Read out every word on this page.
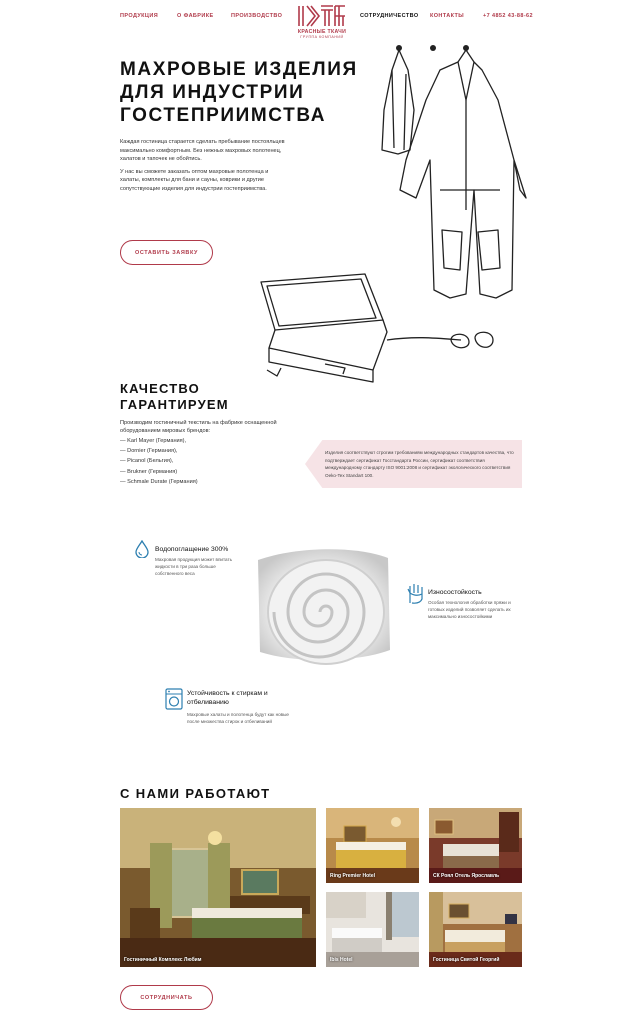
ПРОДУКЦИЯ	О ФАБРИКЕ	ПРОИЗВОДСТВО
КРАСНЫЕ ТКАЧИ
ГРУППА КОМПАНИЙ
СОТРУДНИЧЕСТВО КОНТАКТЫ	+7 4852 43-88-62
МАХРОВЫЕ ИЗДЕЛИЯ ДЛЯ ИНДУСТРИИ ГОСТЕПРИИМСТВА

Каждая гостиница старается сделать пребывание постояльцев максимально комфортным. Без нежных махровых полотенец, халатов и тапочек не обойтись.

У нас вы сможете заказать оптом махровые полотенца и халаты, комплекты для бани и сауны, коврики и другие сопутствующие изделия для индустрии гостеприимства.

ОСТАВИТЬ ЗАЯВКУ
КАЧЕСТВО ГАРАНТИРУЕМ

Производим гостиничный текстиль на фабрике оснащенной оборудованием мировых брендов:

— Karl Mayer (Германия),
— Dornier (Германия),
— Picanol (Бельгия),
— Brukner (Германия)
— Schmale Durate (Германия)

Изделия соответствуют строгим требованиям международных стандартов качества, что подтверждает сертификат Госстандарта России, сертификат соответствия международному стандарту ISO 9001:2008 и сертификат экологического соответствия Oeko-Tex Standart 100.

Водопоглащение 300%

Махровая продукция может впитать жидкости в три раза больше собственного веса

Износостойкость

Особая технология обработки пряжи и готовых изделий позволяет сделать их максимально износостойкими

Устойчивость к стиркам и отбеливанию

Махровые халаты и полотенца будут как новые после множества стирок и отбеливаний

С НАМИ РАБОТАЮТ
Гостиничный Комплекс Любим
Ring Premier Hotel	СК Роял Отель Ярославль
Ibis Hotel	Гостиница Святой Георгий
СОТРУДНИЧАТЬ
